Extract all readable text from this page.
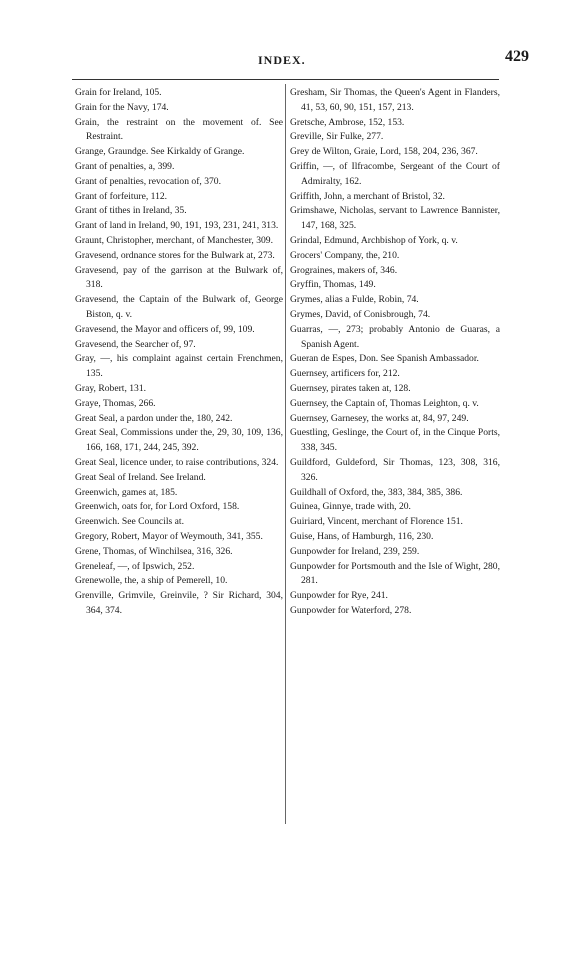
INDEX.	429

Grain for Ireland, 105.

Grain for the Navy, 174.

Grain, the restraint on the movement of. See Restraint.

Grange, Graundge. See Kirkaldy of Grange.

Grant of penalties, a, 399.

Grant of penalties, revocation of, 370.

Grant of forfeiture, 112.

Grant of tithes in Ireland, 35.

Grant of land in Ireland, 90, 191, 193, 231, 241, 313.

Graunt, Christopher, merchant, of Manchester, 309.

Gravesend, ordnance stores for the Bulwark at, 273.

Gravesend, pay of the garrison at the Bulwark of, 318.

Gravesend, the Captain of the Bulwark of, George Biston, q. v.

Gravesend, the Mayor and officers of, 99, 109.

Gravesend, the Searcher of, 97.

Gray, —, his complaint against certain Frenchmen, 135.

Gray, Robert, 131.

Graye, Thomas, 266.

Great Seal, a pardon under the, 180, 242.

Great Seal, Commissions under the, 29, 30, 109, 136, 166, 168, 171, 244, 245, 392.

Great Seal, licence under, to raise contributions, 324.

Great Seal of Ireland. See Ireland.

Greenwich, games at, 185.

Greenwich, oats for, for Lord Oxford, 158.

Greenwich. See Councils at.

Gregory, Robert, Mayor of Weymouth, 341, 355.

Grene, Thomas, of Winchilsea, 316, 326.

Greneleaf, —, of Ipswich, 252.

Grenewolle, the, a ship of Pemerell, 10.

Grenville, Grimvile, Greinvile, ? Sir Richard, 304, 364, 374.

Gresham, Sir Thomas, the Queen's Agent in Flanders, 41, 53, 60, 90, 151, 157, 213.

Gretsche, Ambrose, 152, 153.

Greville, Sir Fulke, 277.

Grey de Wilton, Graie, Lord, 158, 204, 236, 367.

Griffin, —, of Ilfracombe, Sergeant of the Court of Admiralty, 162.

Griffith, John, a merchant of Bristol, 32.

Grimshawe, Nicholas, servant to Lawrence Bannister, 147, 168, 325.

Grindal, Edmund, Archbishop of York, q. v.

Grocers' Company, the, 210.

Grograines, makers of, 346.

Gryffin, Thomas, 149.

Grymes, alias a Fulde, Robin, 74.

Grymes, David, of Conisbrough, 74.

Guarras, —, 273; probably Antonio de Guaras, a Spanish Agent.

Gueran de Espes, Don. See Spanish Ambassador.

Guernsey, artificers for, 212.

Guernsey, pirates taken at, 128.

Guernsey, the Captain of, Thomas Leighton, q. v.

Guernsey, Garnesey, the works at, 84, 97, 249.

Guestling, Geslinge, the Court of, in the Cinque Ports, 338, 345.

Guildford, Guldeford, Sir Thomas, 123, 308, 316, 326.

Guildhall of Oxford, the, 383, 384, 385, 386.

Guinea, Ginnye, trade with, 20.

Guiriard, Vincent, merchant of Florence 151.

Guise, Hans, of Hamburgh, 116, 230.

Gunpowder for Ireland, 239, 259.

Gunpowder for Portsmouth and the Isle of Wight, 280, 281.

Gunpowder for Rye, 241.

Gunpowder for Waterford, 278.
